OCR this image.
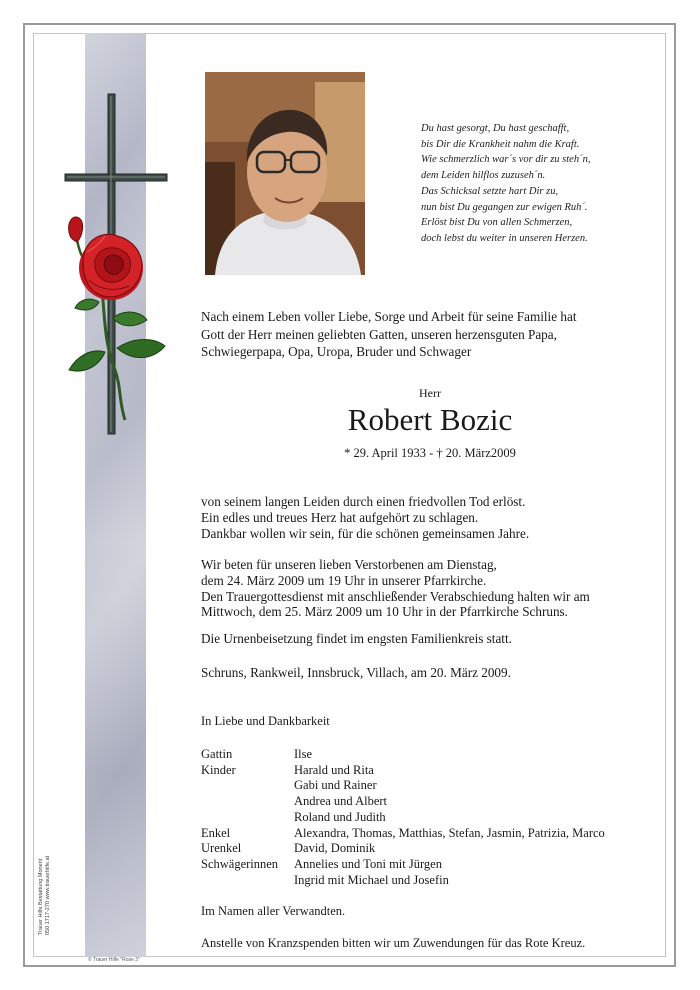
Du hast gesorgt, Du hast geschafft,
bis Dir die Krankheit nahm die Kraft.
Wie schmerzlich war´s vor dir zu steh´n,
dem Leiden hilflos zuzuseh´n.
Das Schicksal setzte hart Dir zu,
nun bist Du gegangen zur ewigen Ruh´.
Erlöst bist Du von allen Schmerzen,
doch lebst du weiter in unseren Herzen.
Nach einem Leben voller Liebe, Sorge und Arbeit für seine Familie hat
Gott der Herr meinen geliebten Gatten, unseren herzensguten Papa,
Schwiegerpapa, Opa, Uropa, Bruder und Schwager
Herr
Robert Bozic
* 29. April 1933 - † 20. März2009
von seinem langen Leiden durch einen friedvollen Tod erlöst.
Ein edles und treues Herz hat aufgehört zu schlagen.
Dankbar wollen wir sein, für die schönen gemeinsamen Jahre.
Wir beten für unseren lieben Verstorbenen am Dienstag,
dem 24. März 2009 um 19 Uhr in unserer Pfarrkirche.
Den Trauergottesdienst mit anschließender Verabschiedung halten wir am
Mittwoch, dem 25. März 2009 um 10 Uhr in der Pfarrkirche Schruns.
Die Urnenbeisetzung findet im engsten Familienkreis statt.
Schruns, Rankweil, Innsbruck, Villach, am 20. März 2009.
In Liebe und Dankbarkeit
Gattin	Ilse
Kinder	Harald und Rita
Gabi und Rainer
Andrea und Albert
Roland und Judith
Enkel	Alexandra, Thomas, Matthias, Stefan, Jasmin, Patrizia, Marco
Urenkel	David, Dominik
Schwägerinnen	Annelies und Toni mit Jürgen
Ingrid mit Michael und Josefin
Im Namen aller Verwandten.
Anstelle von Kranzspenden bitten wir um Zuwendungen für das Rote Kreuz.
Trauer Hilfe Bestattung Monent 050 1717-270 www.trauerhilfe.at
© Trauer Hilfe "Rose 3"
